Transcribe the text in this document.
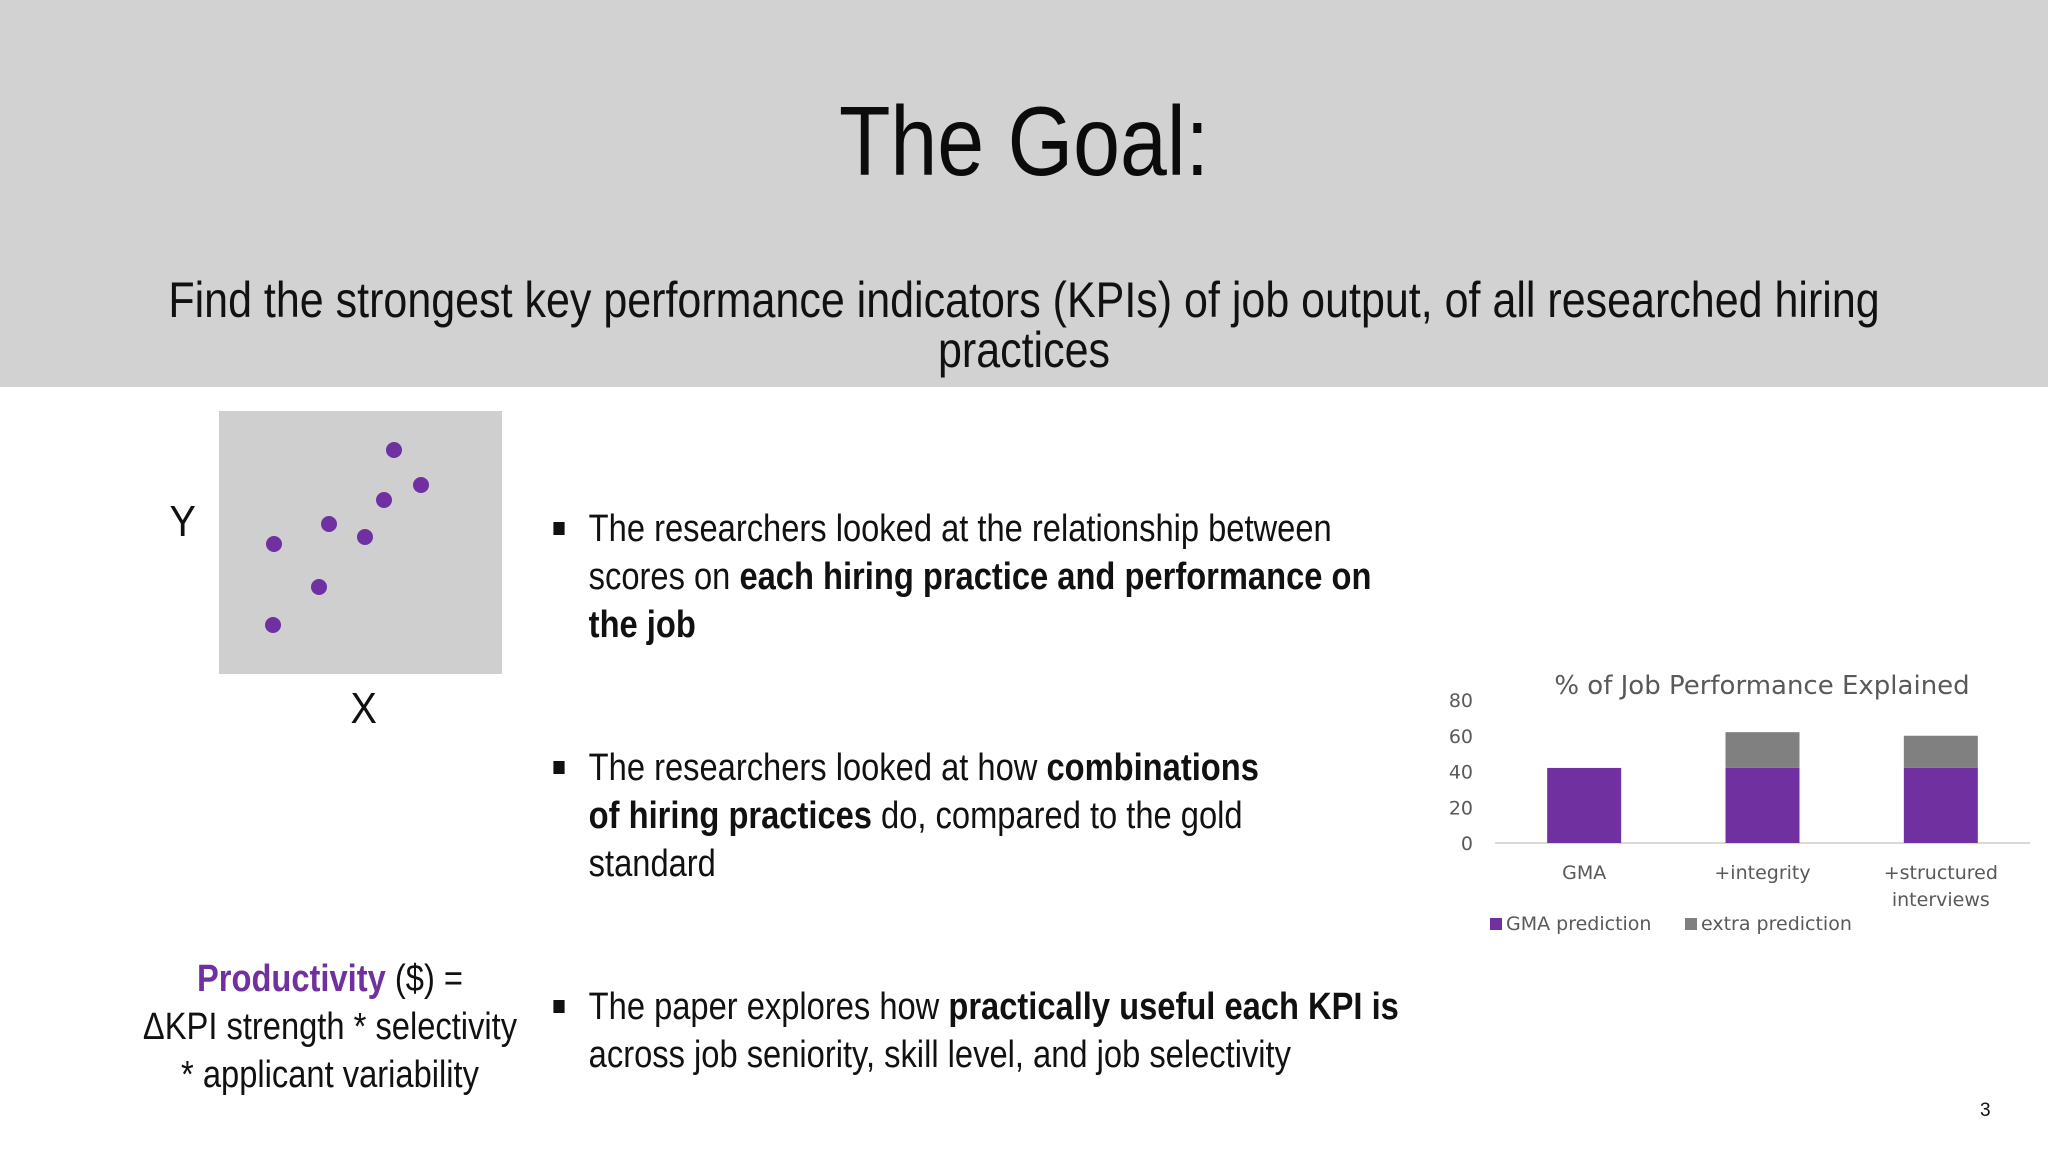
The Goal:
Find the strongest key performance indicators (KPIs) of job output, of all researched hiring practices
Y
X
The researchers looked at the relationship between scores on each hiring practice and performance on the job
The researchers looked at how combinations of hiring practices do, compared to the gold standard
The paper explores how practically useful each KPI is across job seniority, skill level, and job selectivity
Productivity ($) =
ΔKPI strength * selectivity
* applicant variability
% of Job Performance Explained
0
20
40
60
80
GMA	+integrity	+structured
interviews
GMA prediction	extra prediction
3
